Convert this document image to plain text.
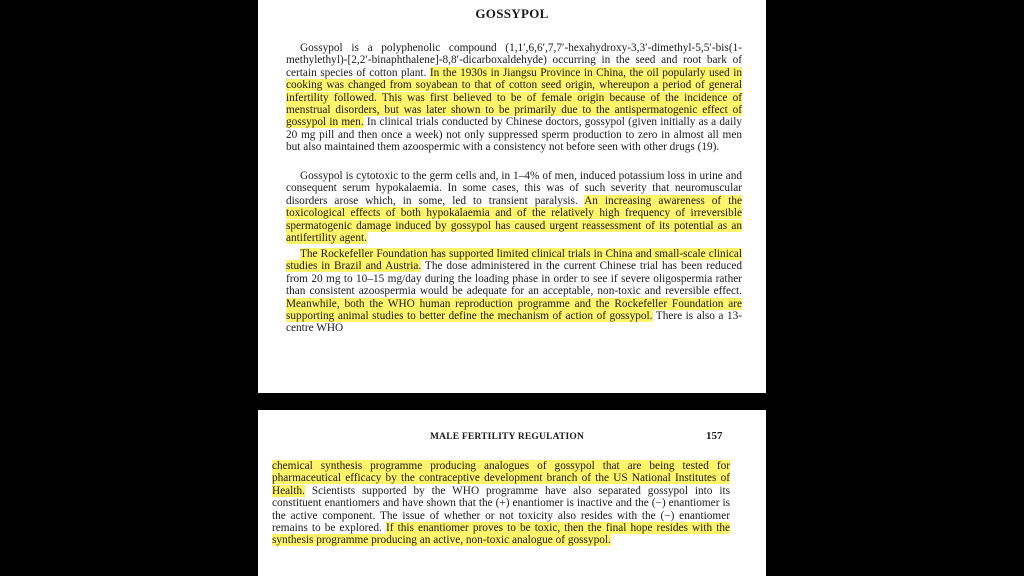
GOSSYPOL
Gossypol is a polyphenolic compound (1,1′,6,6′,7,7′-hexahydroxy-3,3′-dimethyl-5,5′-bis(1-methylethyl)-[2,2′-binaphthalene]-8,8′-dicarboxaldehyde) occurring in the seed and root bark of certain species of cotton plant. In the 1930s in Jiangsu Province in China, the oil popularly used in cooking was changed from soyabean to that of cotton seed origin, whereupon a period of general infertility followed. This was first believed to be of female origin because of the incidence of menstrual disorders, but was later shown to be primarily due to the antispermatogenic effect of gossypol in men. In clinical trials conducted by Chinese doctors, gossypol (given initially as a daily 20 mg pill and then once a week) not only suppressed sperm production to zero in almost all men but also maintained them azoospermic with a consistency not before seen with other drugs (19).
Gossypol is cytotoxic to the germ cells and, in 1–4% of men, induced potassium loss in urine and consequent serum hypokalaemia. In some cases, this was of such severity that neuromuscular disorders arose which, in some, led to transient paralysis. An increasing awareness of the toxicological effects of both hypokalaemia and of the relatively high frequency of irreversible spermatogenic damage induced by gossypol has caused urgent reassessment of its potential as an antifertility agent.
The Rockefeller Foundation has supported limited clinical trials in China and small-scale clinical studies in Brazil and Austria. The dose administered in the current Chinese trial has been reduced from 20 mg to 10–15 mg/day during the loading phase in order to see if severe oligospermia rather than consistent azoospermia would be adequate for an acceptable, non-toxic and reversible effect. Meanwhile, both the WHO human reproduction programme and the Rockefeller Foundation are supporting animal studies to better define the mechanism of action of gossypol. There is also a 13-centre WHO
MALE FERTILITY REGULATION	157
chemical synthesis programme producing analogues of gossypol that are being tested for pharmaceutical efficacy by the contraceptive development branch of the US National Institutes of Health. Scientists supported by the WHO programme have also separated gossypol into its constituent enantiomers and have shown that the (+) enantiomer is inactive and the (−) enantiomer is the active component. The issue of whether or not toxicity also resides with the (−) enantiomer remains to be explored. If this enantiomer proves to be toxic, then the final hope resides with the synthesis programme producing an active, non-toxic analogue of gossypol.
